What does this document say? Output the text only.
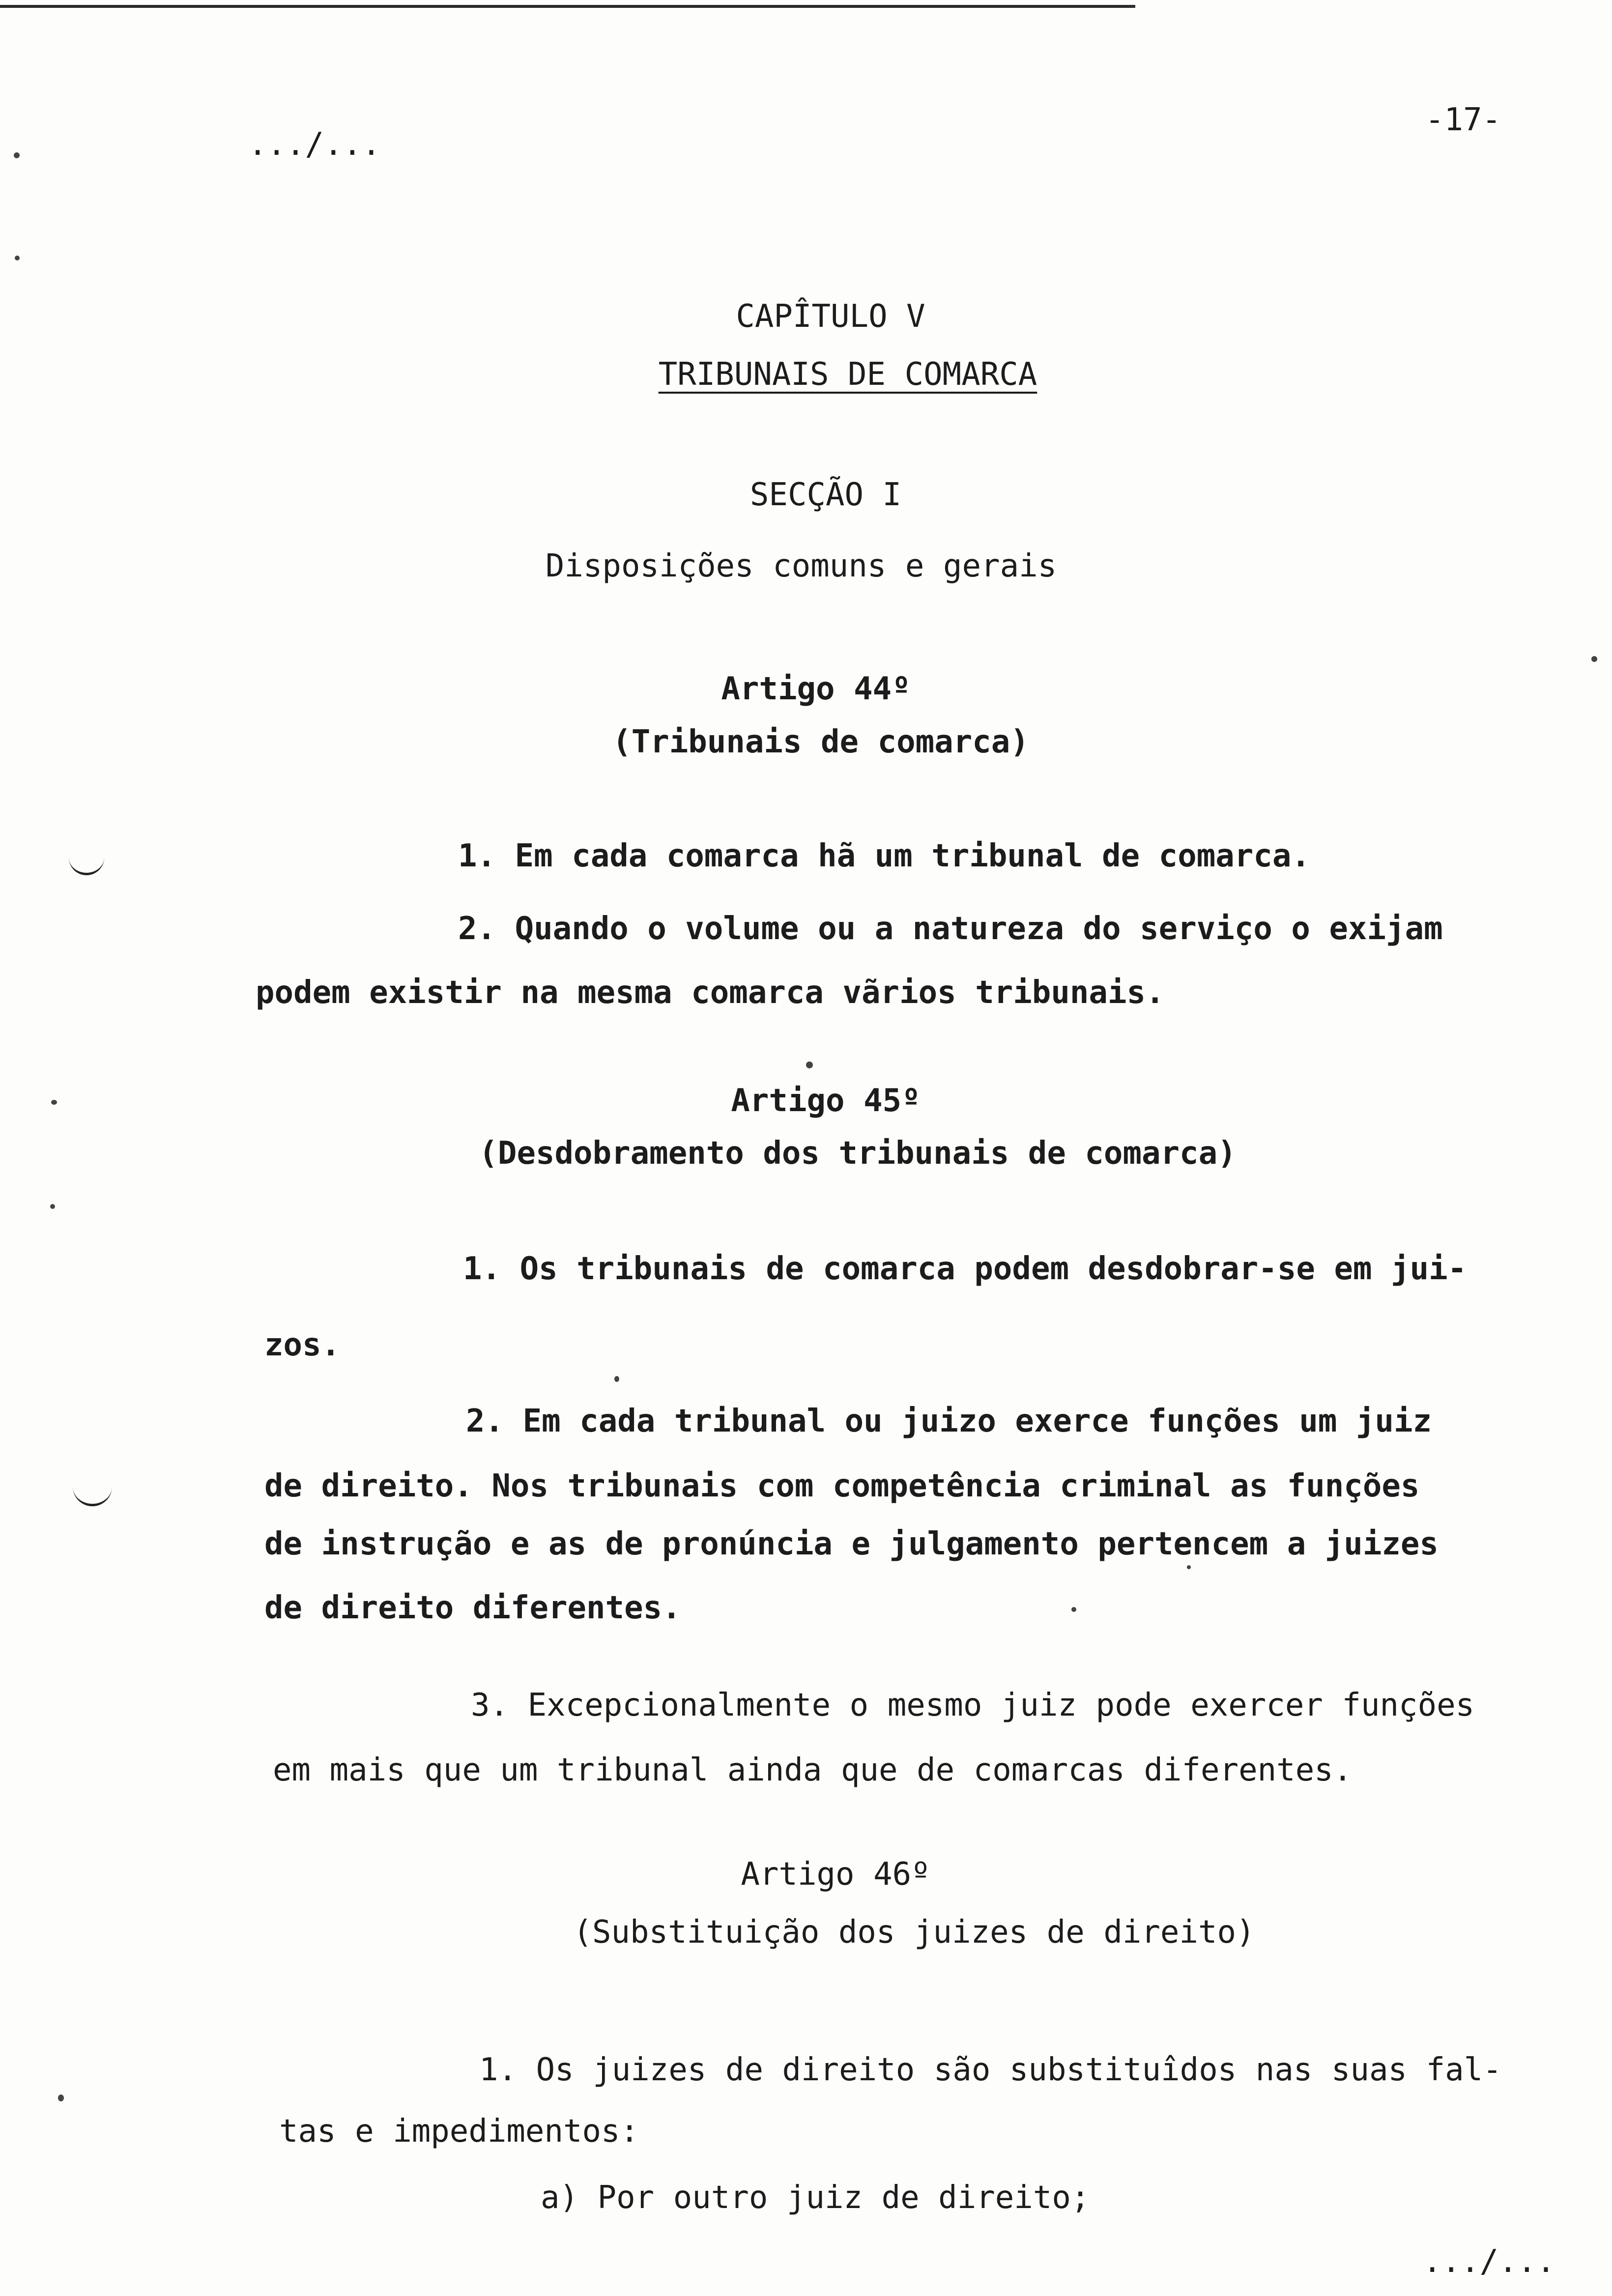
.../...
-17-
CAPÎTULO V
TRIBUNAIS DE COMARCA
SECÇÃO I
Disposições comuns e gerais
Artigo 44º
(Tribunais de comarca)
1. Em cada comarca hã um tribunal de comarca.
2. Quando o volume ou a natureza do serviço o exijam
podem existir na mesma comarca vãrios tribunais.
Artigo 45º
(Desdobramento dos tribunais de comarca)
1. Os tribunais de comarca podem desdobrar-se em jui-
zos.
2. Em cada tribunal ou juizo exerce funções um juiz
de direito. Nos tribunais com competência criminal as funções
de instrução e as de pronúncia e julgamento pertencem a juizes
de direito diferentes.
3. Excepcionalmente o mesmo juiz pode exercer funções
em mais que um tribunal ainda que de comarcas diferentes.
Artigo 46º
(Substituição dos juizes de direito)
1. Os juizes de direito são substituîdos nas suas fal-
tas e impedimentos:
a) Por outro juiz de direito;
.../...
